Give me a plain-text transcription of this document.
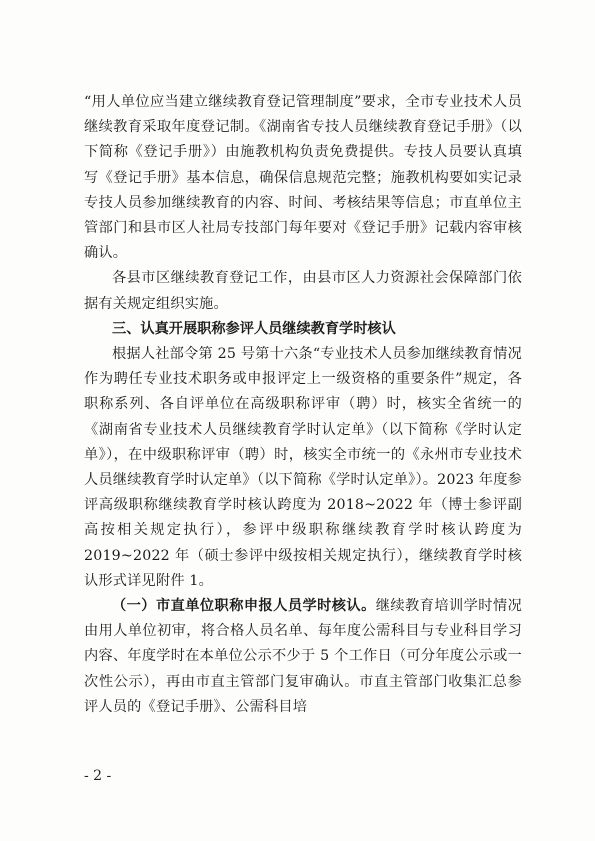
“用人单位应当建立继续教育登记管理制度”要求，全市专业技术人员继续教育采取年度登记制。《湖南省专技人员继续教育登记手册》（以下简称《登记手册》）由施教机构负责免费提供。专技人员要认真填写《登记手册》基本信息，确保信息规范完整；施教机构要如实记录专技人员参加继续教育的内容、时间、考核结果等信息；市直单位主管部门和县市区人社局专技部门每年要对《登记手册》记载内容审核确认。

各县市区继续教育登记工作，由县市区人力资源社会保障部门依据有关规定组织实施。

三、认真开展职称参评人员继续教育学时核认

根据人社部令第 25 号第十六条“专业技术人员参加继续教育情况作为聘任专业技术职务或申报评定上一级资格的重要条件”规定，各职称系列、各自评单位在高级职称评审（聘）时，核实全省统一的《湖南省专业技术人员继续教育学时认定单》（以下简称《学时认定单》），在中级职称评审（聘）时，核实全市统一的《永州市专业技术人员继续教育学时认定单》（以下简称《学时认定单》）。2023 年度参评高级职称继续教育学时核认跨度为 2018~2022 年（博士参评副高按相关规定执行），参评中级职称继续教育学时核认跨度为 2019~2022 年（硕士参评中级按相关规定执行），继续教育学时核认形式详见附件 1。

（一）市直单位职称申报人员学时核认。继续教育培训学时情况由用人单位初审，将合格人员名单、每年度公需科目与专业科目学习内容、年度学时在本单位公示不少于 5 个工作日（可分年度公示或一次性公示），再由市直主管部门复审确认。市直主管部门收集汇总参评人员的《登记手册》、公需科目培

- 2 -
